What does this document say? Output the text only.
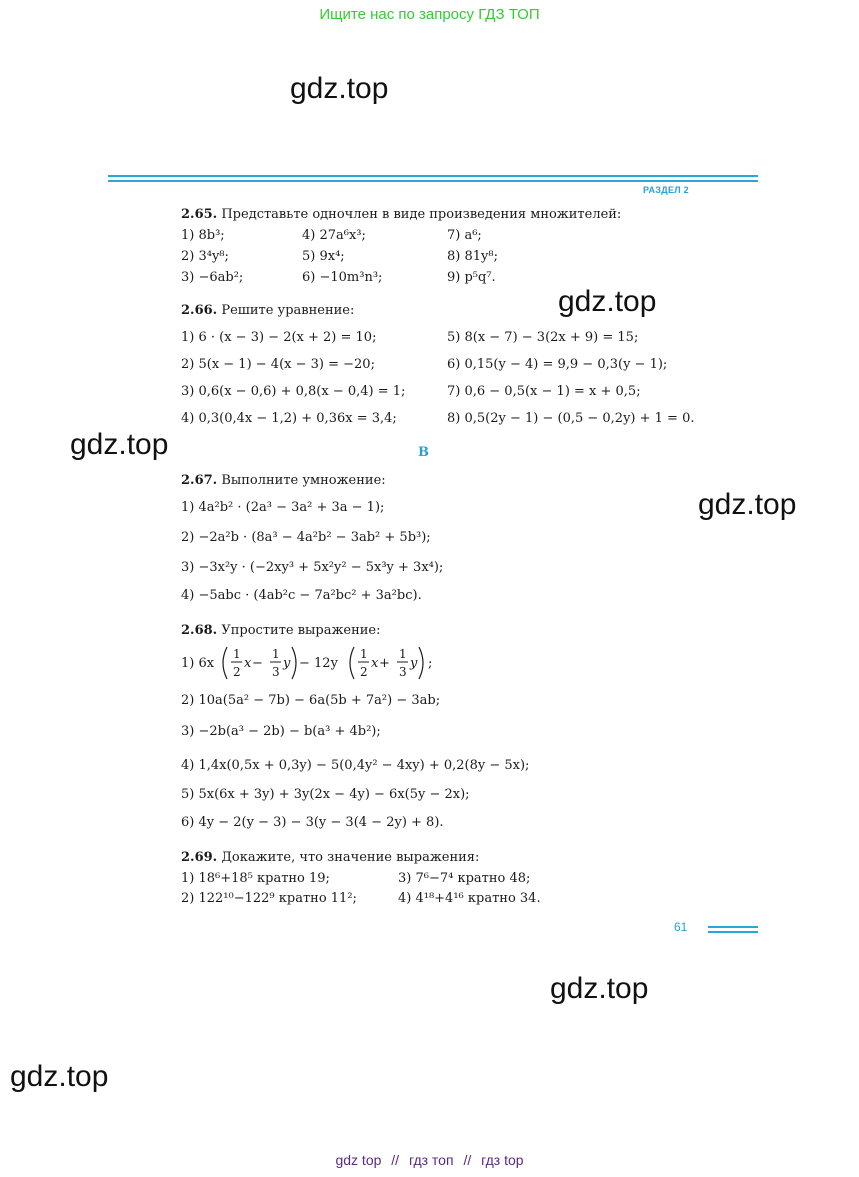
Ищите нас по запросу ГДЗ ТОП
gdz.top
gdz.top
gdz.top
gdz.top
gdz.top
gdz.top
РАЗДЕЛ 2
2.65. Представьте одночлен в виде произведения множителей:
1) 8b³;	4) 27a⁶x³;	7) a⁶;
2) 3⁴y⁸;	5) 9x⁴;	8) 81y⁸;
3) −6ab²;	6) −10m³n³;	9) p⁵q⁷.
2.66. Решите уравнение:
1) 6 · (x − 3) − 2(x + 2) = 10;	5) 8(x − 7) − 3(2x + 9) = 15;
2) 5(x − 1) − 4(x − 3) = −20;	6) 0,15(y − 4) = 9,9 − 0,3(y − 1);
3) 0,6(x − 0,6) + 0,8(x − 0,4) = 1;	7) 0,6 − 0,5(x − 1) = x + 0,5;
4) 0,3(0,4x − 1,2) + 0,36x = 3,4;	8) 0,5(2y − 1) − (0,5 − 0,2y) + 1 = 0.
B
2.67. Выполните умножение:
1) 4a²b² · (2a³ − 3a² + 3a − 1);
2) −2a²b · (8a³ − 4a²b² − 3ab² + 5b³);
3) −3x²y · (−2xy³ + 5x²y² − 5x³y + 3x⁴);
4) −5abc · (4ab²c − 7a²bc² + 3a²bc).
2.68. Упростите выражение:
1) 6x
1
2
x −
1
3
y − 12y
1
2
x +
1
3
y ;
2) 10a(5a² − 7b) − 6a(5b + 7a²) − 3ab;
3) −2b(a³ − 2b) − b(a³ + 4b²);
4) 1,4x(0,5x + 0,3y) − 5(0,4y² − 4xy) + 0,2(8y − 5x);
5) 5x(6x + 3y) + 3y(2x − 4y) − 6x(5y − 2x);
6) 4y − 2(y − 3) − 3(y − 3(4 − 2y) + 8).
2.69. Докажите, что значение выражения:
1) 18⁶+18⁵ кратно 19;	3) 7⁶−7⁴ кратно 48;
2) 122¹⁰−122⁹ кратно 11²;	4) 4¹⁸+4¹⁶ кратно 34.
61
gdz top // гдз топ // гдз top
